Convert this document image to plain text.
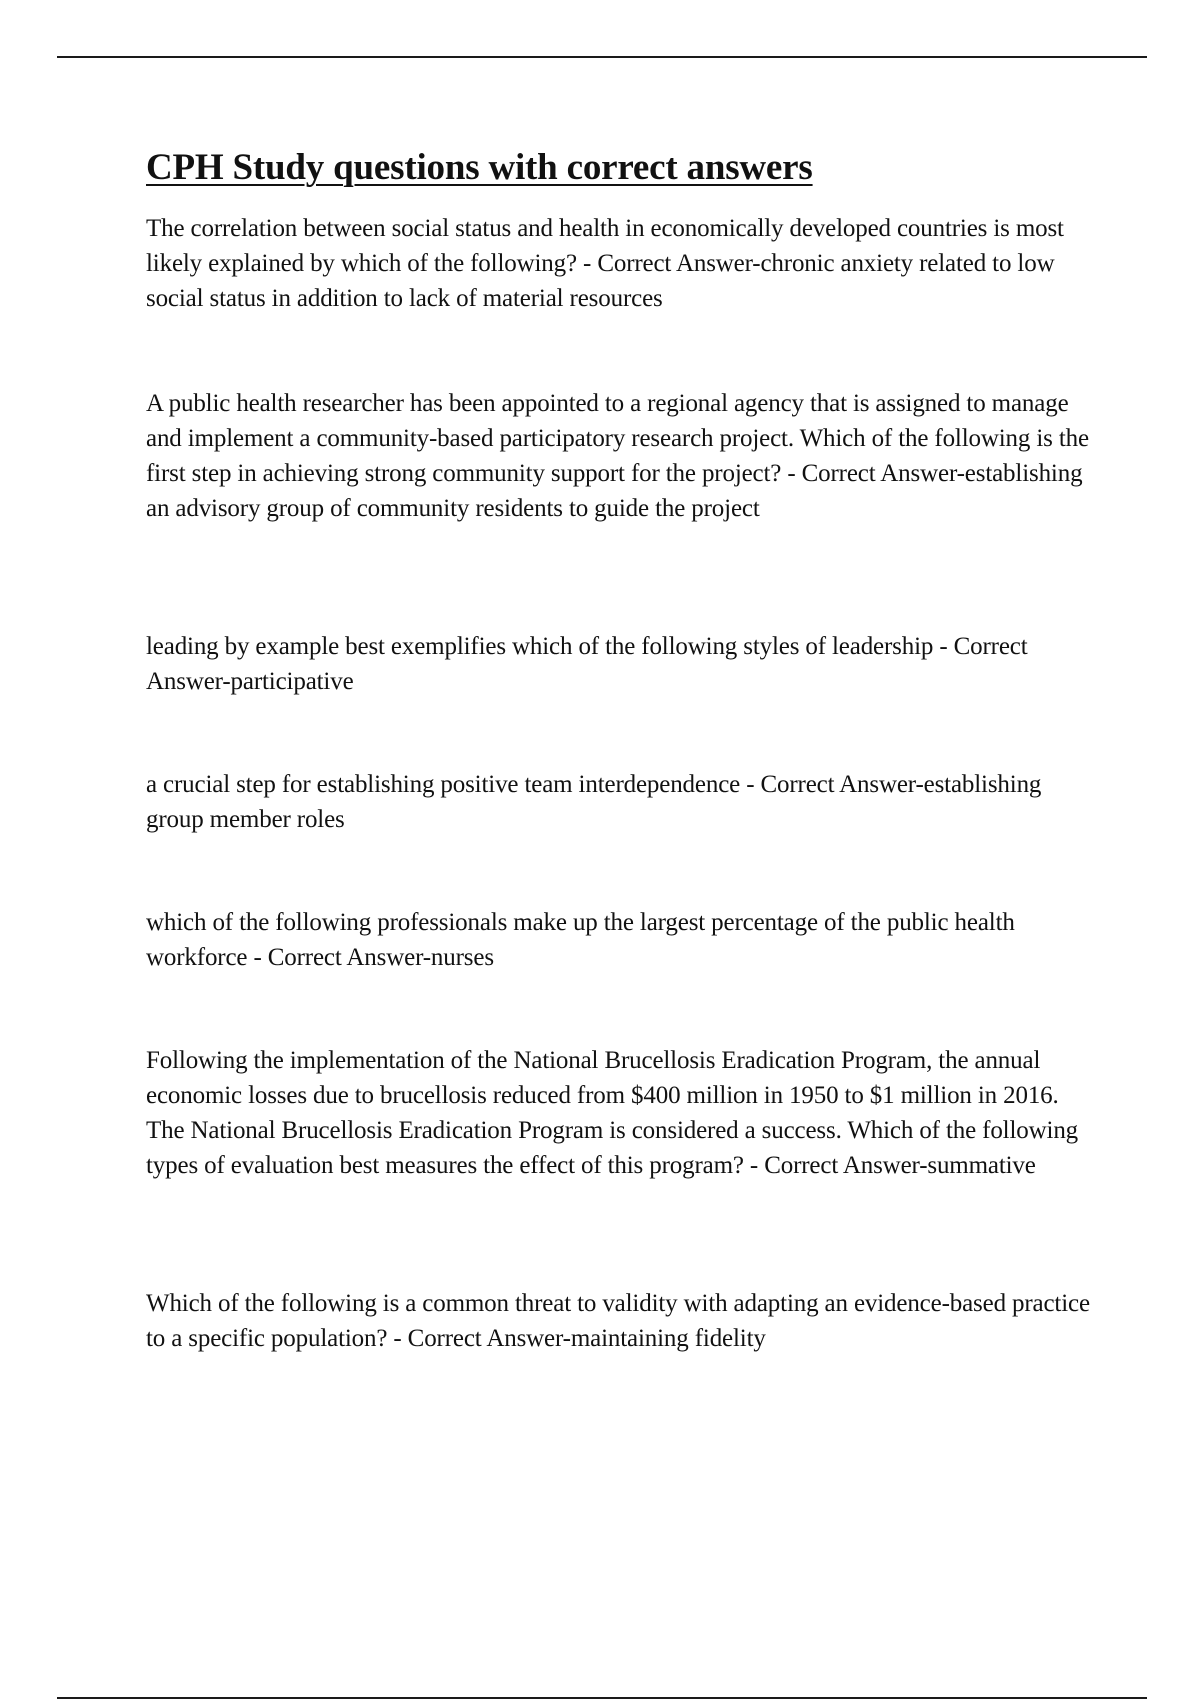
CPH Study questions with correct answers

The correlation between social status and health in economically developed countries is most likely explained by which of the following? - Correct Answer-chronic anxiety related to low social status in addition to lack of material resources

A public health researcher has been appointed to a regional agency that is assigned to manage and implement a community-based participatory research project. Which of the following is the first step in achieving strong community support for the project? - Correct Answer-establishing an advisory group of community residents to guide the project

leading by example best exemplifies which of the following styles of leadership - Correct Answer-participative

a crucial step for establishing positive team interdependence - Correct Answer-establishing group member roles

which of the following professionals make up the largest percentage of the public health workforce - Correct Answer-nurses

Following the implementation of the National Brucellosis Eradication Program, the annual economic losses due to brucellosis reduced from $400 million in 1950 to $1 million in 2016. The National Brucellosis Eradication Program is considered a success. Which of the following types of evaluation best measures the effect of this program? - Correct Answer-summative

Which of the following is a common threat to validity with adapting an evidence-based practice to a specific population? - Correct Answer-maintaining fidelity
